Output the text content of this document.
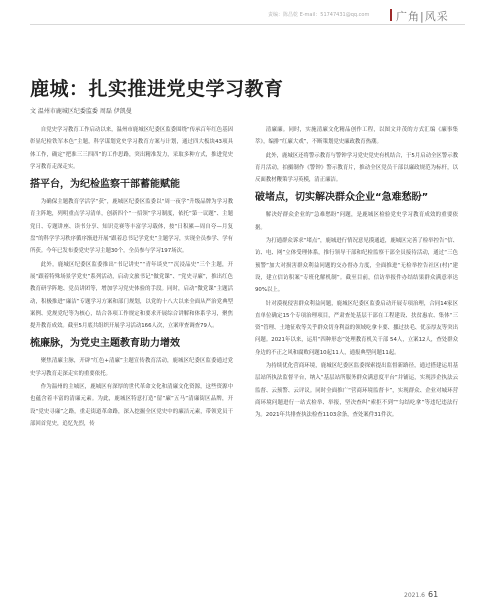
责编：陈昌乾 E-mail：51747431@qq.com 广角|风采
鹿城：扎实推进党史学习教育
文 温州市鹿城区纪委监委 周磊 伊凯曼

自党史学习教育工作启动以来，温州市鹿城区纪委区监委围绕“传承百年红色基因 彰显纪检铁军本色”主题，科学谋划党史学习教育方案与计划，通过四大板块43项具体工作，确定“把准三三四四”的工作思路，突出精准发力，采取多种方式，推进党史学习教育走深走实。

搭平台，为纪检监察干部蓄能赋能

为确保主题教育学活学“获”，鹿城区纪委区监委以“周一夜学”升级品牌为学习教育主阵地，列明重点学习清单，创新四个“一招领”学习制度，依托“第一议题”、主题党日、专题讲座、读书分享、知识竞赛等丰富学习载体，按“日积累—周自夸—月复盘”的科学学习秩序循序渐进开展“跟着总书记学党史”主题学习，实现全员参学、学有所获。今年已发布委党史学习主题30个，全员参与学习197场次。

此外，鹿城区纪委区监委推出“书记讲史”“青年谈史”“沉浸品史”三个主题，开展“跟着特殊场景学党史”系列活动，启动文旅书记“做党课”、“党史寻廉”，推出红色教育研学阵地、党员讲团等，增加学习党史体验的手段。同时，启动“微党课”主题活动，积极推进“廉洁”专题学习方案和部门规划，以党的十八大以来全面从严治党典型案例、党规党纪等为核心，结合各项工作规定和要求开展综合讲解和体系学习，聚焦提升教育成效。截至5月底共组织开展学习活动166人次，立案审查调查79人。

梳廉脉，为党史主题教育助力增效

聚焦清廉主脉，开辟“红色+清廉”主题宣传教育活动，鹿城区纪委区监委通过党史学习教育走深走实的重要依托。

作为温州的主城区，鹿城区有深厚的世代革命文化和清廉文化资源，这些资源中也蕴含着丰富的清廉元素。为此，鹿城区特意打造“留”廉”五马”清廉街区品牌，开设“党史寻廉”之路，重走街道革命路，深入挖掘全区党史中的廉洁元素，带领党员干部回首党史，追忆先烈，传

清廉廉。同时，实施清廉文化精品创作工程，以图文并茂的方式汇编《廉事集萃》，编排“红廉大戏”，不断策划党史廉政教育热潮。

此外，鹿城区还将警示教育与警钟学习党史党史有机结合，于5月启动全区警示教育月活动，拍摄制作《警钟》警示教育片，推动全区党员干部以廉政规范为标杆，以反面教材鞭策学习英模，清正廉洁。

破堵点，切实解决群众企业“急难愁盼”

解决好群众企业的“急难愁盼”问题，是鹿城区检验党史学习教育成效的重要依据。

为打通群众诉求“堵点”，鹿城进行情况意见摸通道，鹿城区完善了检举控告“信、访、电、网”立体受理体系，推行领导干部和纪检监察干部全员接待活动，通过“三色预警”加大对损害群众利益问题的交办督办力度，全面推进“无检举控告社区(村)”建设，建立信访积案“专班化解机制”。截至目前，信访举报件办结结果群众满意率达90%以上。

针对漠视侵害群众利益问题，鹿城区纪委区监委启动开展专项治理，合同14家区直单位确定15个专项治理项目，严肃查处基层干部在工程建设、扶贫惠农、集体“三资”管理、土地征收等关乎群众切身利益的领域吃拿卡要、挪过扶毛、优亲厚友等突出问题。2021年以来，运用“四种形态”处理教育机关干部 54人，立案12人，查处群众身边的不正之风和腐败问题10起11人，通报典型问题11起。

为持续优化营商环境，鹿城区纪委区监委探索提出监督新路径，通过搭建运用基层站所执法监督平台，纳入“基层站所服务群众满意度平台”并铺运，实现涉企执法云监督、云预警、云评议。同时全面推广“营商环境监督卡”，实现群众、企业对城环营商环境问题进行一站式检举、举报，坚决查纠“索拒不到”“勾结吃拿”等违纪违法行为。2021年共排查执法检查1103余条，查处案件31件次。

2021.6 61
